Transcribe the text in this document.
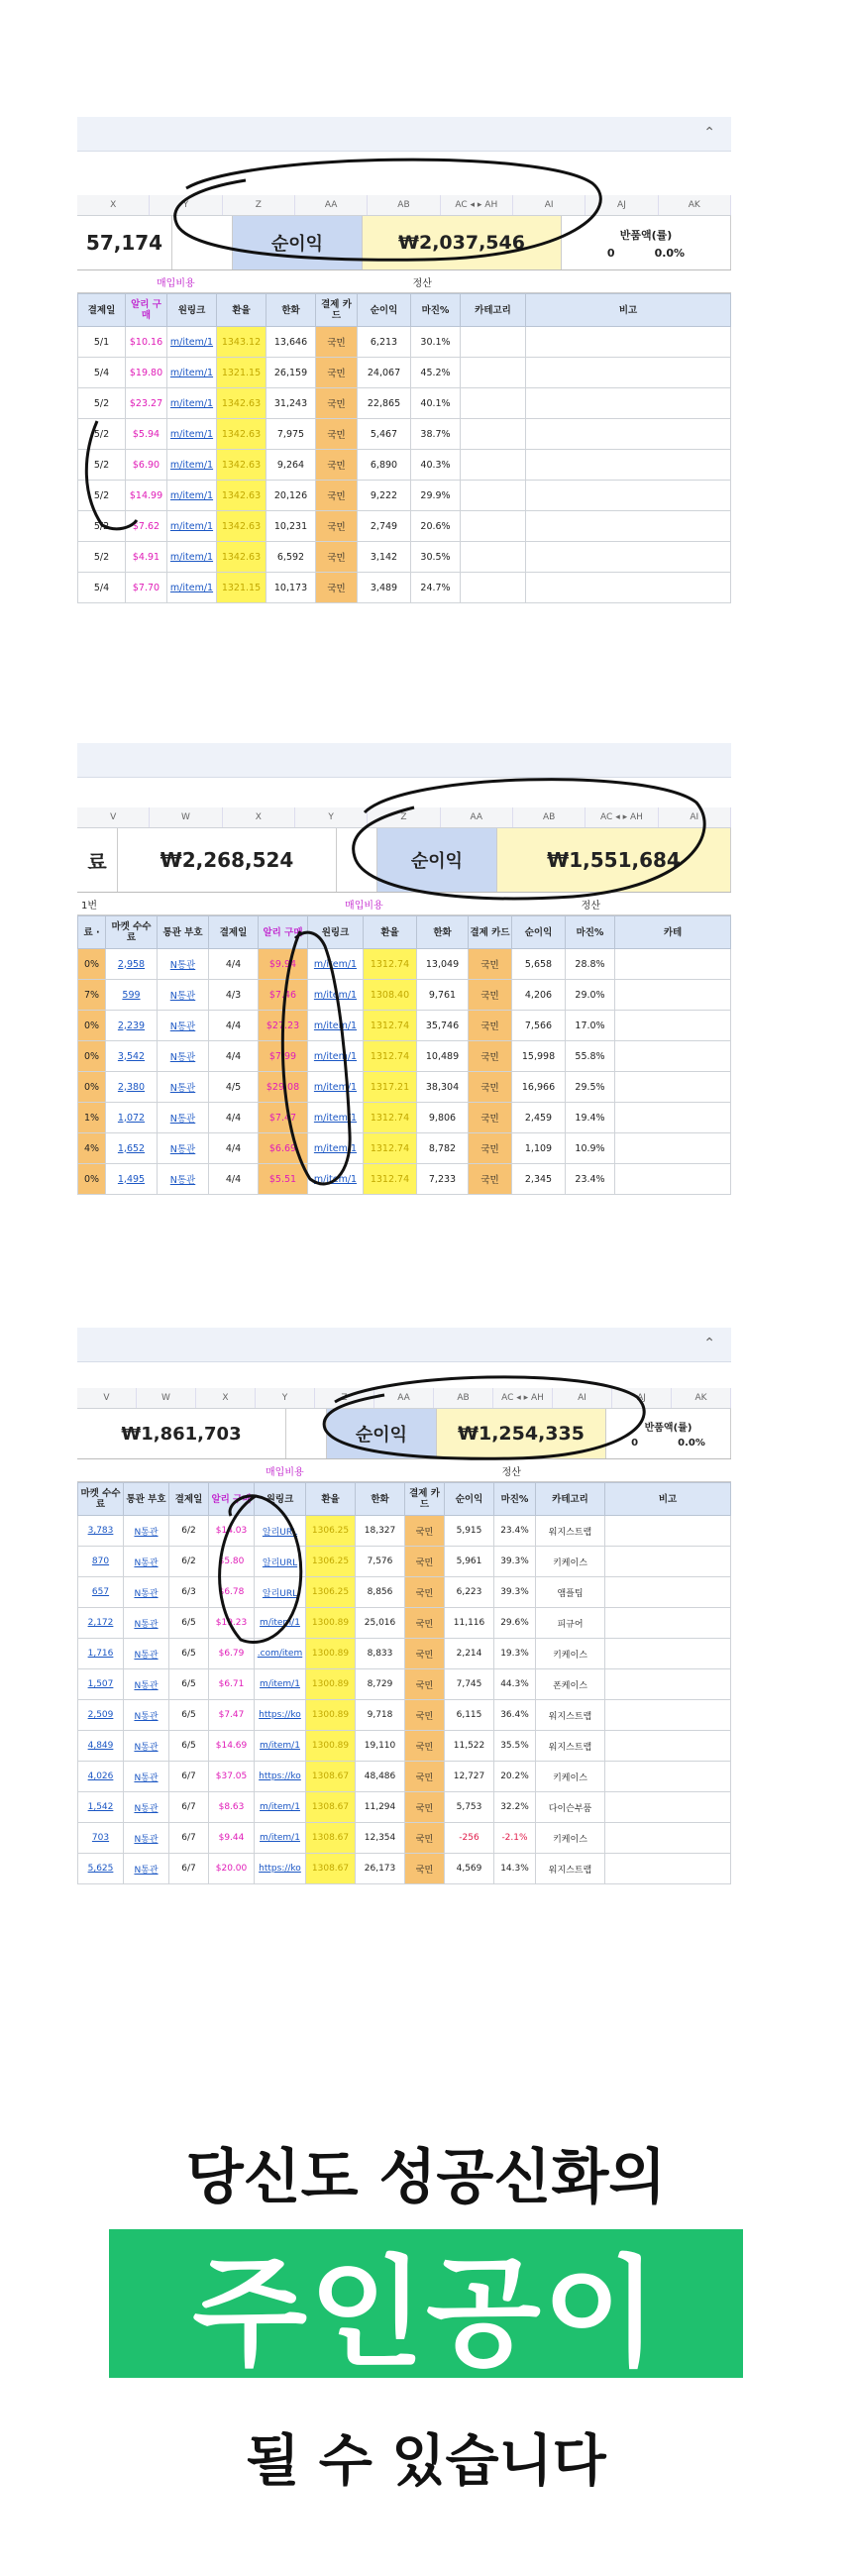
⌃
X	Y	Z	AA	AB	AC ◂ ▸ AH	AI	AJ	AK
57,174	순이익	₩2,037,546	반품액(률)
0	0.0%
매입비용	정산
결제일	알리 구매	원링크	환율	한화	결제 카드	순이익	마진%	카테고리	비고
5/1	$10.16	m/item/1	1343.12	13,646	국민	6,213	30.1%		
5/4	$19.80	m/item/1	1321.15	26,159	국민	24,067	45.2%		
5/2	$23.27	m/item/1	1342.63	31,243	국민	22,865	40.1%		
5/2	$5.94	m/item/1	1342.63	7,975	국민	5,467	38.7%		
5/2	$6.90	m/item/1	1342.63	9,264	국민	6,890	40.3%		
5/2	$14.99	m/item/1	1342.63	20,126	국민	9,222	29.9%		
5/2	$7.62	m/item/1	1342.63	10,231	국민	2,749	20.6%		
5/2	$4.91	m/item/1	1342.63	6,592	국민	3,142	30.5%		
5/4	$7.70	m/item/1	1321.15	10,173	국민	3,489	24.7%		
V	W	X	Y	Z	AA	AB	AC ◂ ▸ AH	AI
료	₩2,268,524	순이익	₩1,551,684
1번	매입비용	정산
료 ·	마켓 수수료	통관 부호	결제일	알리 구매	원링크	환율	한화	결제 카드	순이익	마진%	카테
0%	2,958	N통관	4/4	$9.94	m/item/1	1312.74	13,049	국민	5,658	28.8%	
7%	599	N통관	4/3	$7.46	m/item/1	1308.40	9,761	국민	4,206	29.0%	
0%	2,239	N통관	4/4	$27.23	m/item/1	1312.74	35,746	국민	7,566	17.0%	
0%	3,542	N통관	4/4	$7.99	m/item/1	1312.74	10,489	국민	15,998	55.8%	
0%	2,380	N통관	4/5	$29.08	m/item/1	1317.21	38,304	국민	16,966	29.5%	
1%	1,072	N통관	4/4	$7.47	m/item/1	1312.74	9,806	국민	2,459	19.4%	
4%	1,652	N통관	4/4	$6.69	m/item/1	1312.74	8,782	국민	1,109	10.9%	
0%	1,495	N통관	4/4	$5.51	m/item/1	1312.74	7,233	국민	2,345	23.4%	
⌃
V	W	X	Y	Z	AA	AB	AC ◂ ▸ AH	AI	AJ	AK
₩1,861,703	순이익	₩1,254,335	반품액(률)
0	0.0%
매입비용	정산
마켓 수수료	통관 부호	결제일	알리 구매	원링크	환율	한화	결제 카드	순이익	마진%	카테고리	비고
3,783	N통관	6/2	$14.03	알리URL	1306.25	18,327	국민	5,915	23.4%	워지스트랩	
870	N통관	6/2	$5.80	알리URL	1306.25	7,576	국민	5,961	39.3%	키케이스	
657	N통관	6/3	$6.78	알리URL	1306.25	8,856	국민	6,223	39.3%	앰플팁	
2,172	N통관	6/5	$19.23	m/item/1	1300.89	25,016	국민	11,116	29.6%	피규어	
1,716	N통관	6/5	$6.79	.com/item	1300.89	8,833	국민	2,214	19.3%	키케이스	
1,507	N통관	6/5	$6.71	m/item/1	1300.89	8,729	국민	7,745	44.3%	폰케이스	
2,509	N통관	6/5	$7.47	https://ko	1300.89	9,718	국민	6,115	36.4%	워지스트랩	
4,849	N통관	6/5	$14.69	m/item/1	1300.89	19,110	국민	11,522	35.5%	워지스트랩	
4,026	N통관	6/7	$37.05	https://ko	1308.67	48,486	국민	12,727	20.2%	키케이스	
1,542	N통관	6/7	$8.63	m/item/1	1308.67	11,294	국민	5,753	32.2%	다이슨부품	
703	N통관	6/7	$9.44	m/item/1	1308.67	12,354	국민	-256	-2.1%	키케이스	
5,625	N통관	6/7	$20.00	https://ko	1308.67	26,173	국민	4,569	14.3%	워지스트랩	
당신도 성공신화의
주인공이
될 수 있습니다
